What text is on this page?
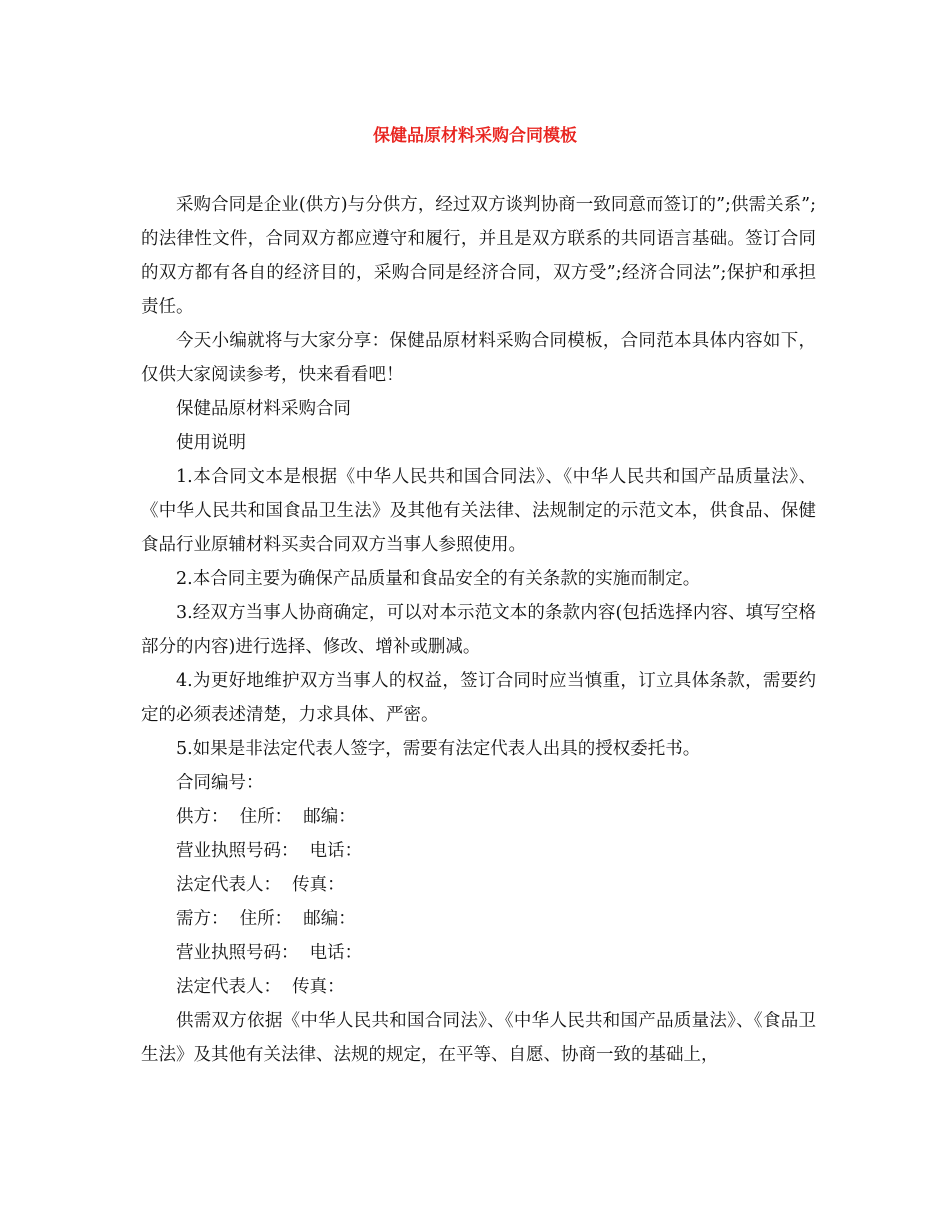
保健品原材料采购合同模板

采购合同是企业(供方)与分供方，经过双方谈判协商一致同意而签订的”;供需关系”;的法律性文件，合同双方都应遵守和履行，并且是双方联系的共同语言基础。签订合同的双方都有各自的经济目的，采购合同是经济合同，双方受”;经济合同法”;保护和承担责任。

今天小编就将与大家分享：保健品原材料采购合同模板，合同范本具体内容如下，仅供大家阅读参考，快来看看吧！

保健品原材料采购合同

使用说明

1.本合同文本是根据《中华人民共和国合同法》、《中华人民共和国产品质量法》、《中华人民共和国食品卫生法》及其他有关法律、法规制定的示范文本，供食品、保健食品行业原辅材料买卖合同双方当事人参照使用。

2.本合同主要为确保产品质量和食品安全的有关条款的实施而制定。

3.经双方当事人协商确定，可以对本示范文本的条款内容(包括选择内容、填写空格部分的内容)进行选择、修改、增补或删减。

4.为更好地维护双方当事人的权益，签订合同时应当慎重，订立具体条款，需要约定的必须表述清楚，力求具体、严密。

5.如果是非法定代表人签字，需要有法定代表人出具的授权委托书。

合同编号：

供方：  住所：  邮编：

营业执照号码：  电话：

法定代表人：  传真：

需方：  住所：  邮编：

营业执照号码：  电话：

法定代表人：  传真：

供需双方依据《中华人民共和国合同法》、《中华人民共和国产品质量法》、《食品卫生法》及其他有关法律、法规的规定，在平等、自愿、协商一致的基础上，
